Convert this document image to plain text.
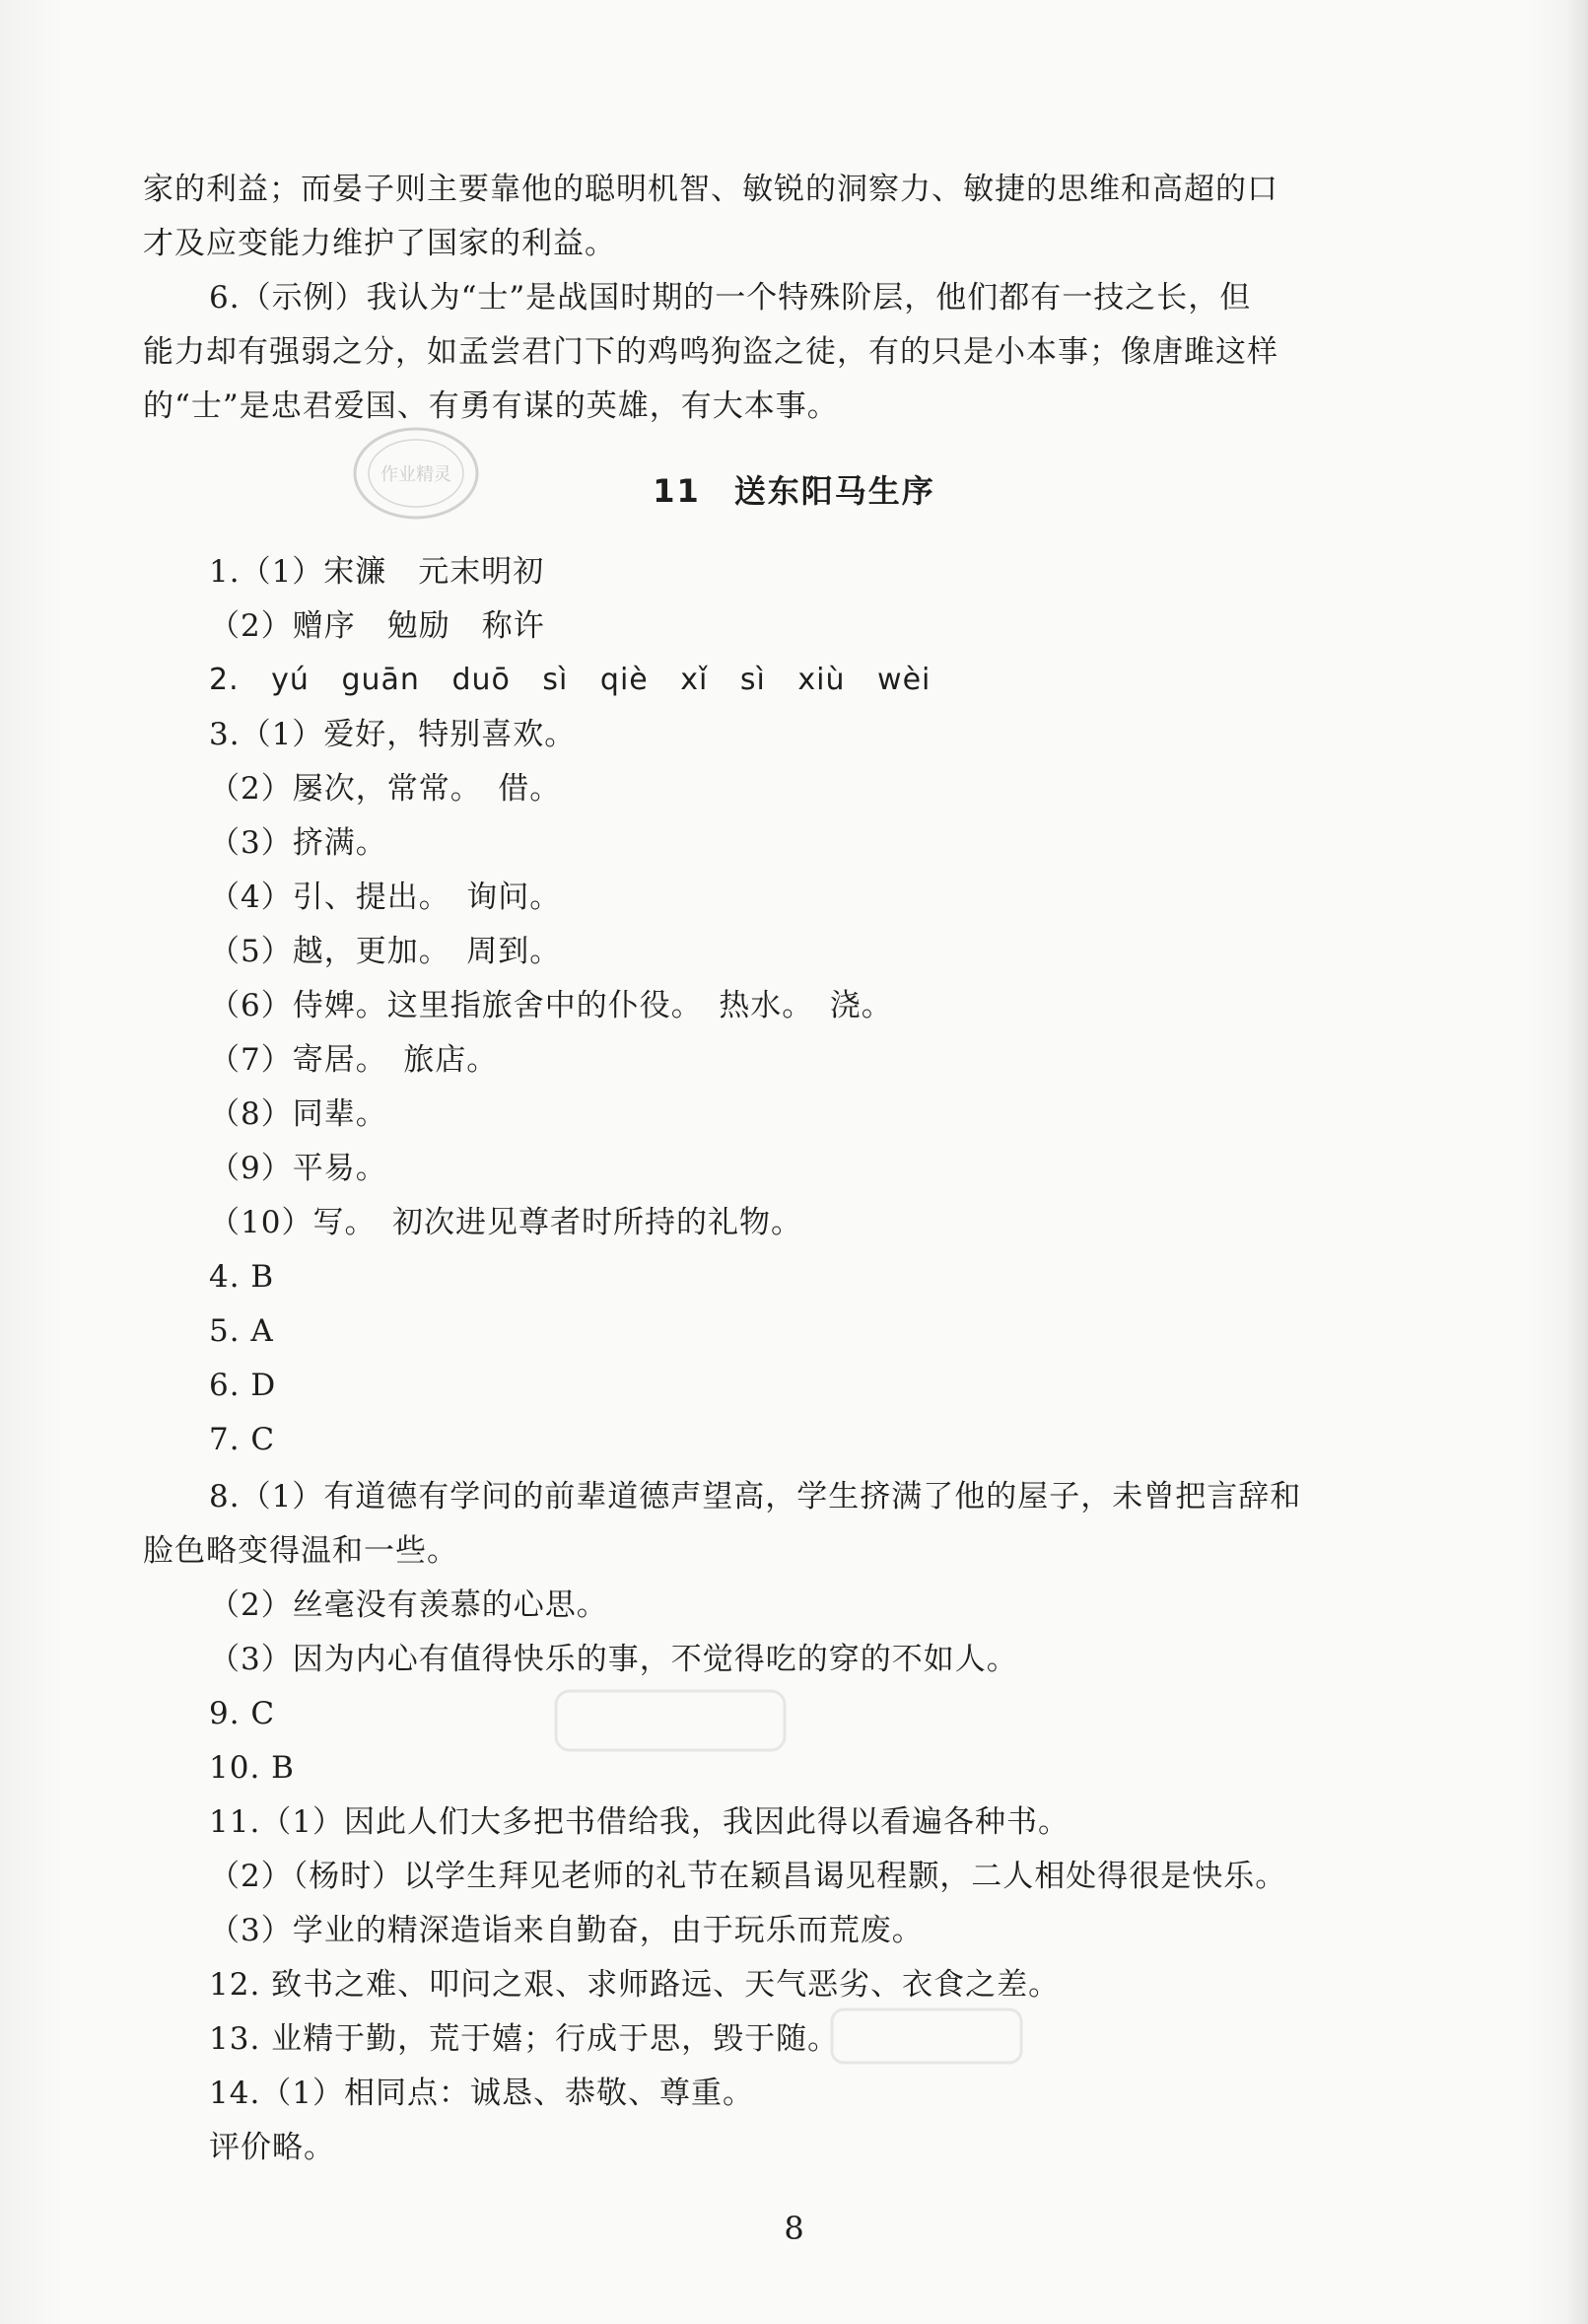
家的利益；而晏子则主要靠他的聪明机智、敏锐的洞察力、敏捷的思维和高超的口
才及应变能力维护了国家的利益。
6.（示例）我认为“士”是战国时期的一个特殊阶层，他们都有一技之长，但
能力却有强弱之分，如孟尝君门下的鸡鸣狗盗之徒，有的只是小本事；像唐雎这样
的“士”是忠君爱国、有勇有谋的英雄，有大本事。
作业精灵	11 送东阳马生序
1.（1）宋濂　元末明初
（2）赠序　勉励　称许
2. yú guān duō sì qiè xǐ sì xiù wèi
3.（1）爱好，特别喜欢。
（2）屡次，常常。　借。
（3）挤满。
（4）引、提出。　询问。
（5）越，更加。　周到。
（6）侍婢。这里指旅舍中的仆役。　热水。　浇。
（7）寄居。　旅店。
（8）同辈。
（9）平易。
（10）写。　初次进见尊者时所持的礼物。
4. B
5. A
6. D
7. C
8.（1）有道德有学问的前辈道德声望高，学生挤满了他的屋子，未曾把言辞和
脸色略变得温和一些。
（2）丝毫没有羡慕的心思。
（3）因为内心有值得快乐的事，不觉得吃的穿的不如人。
9. C
10. B
11.（1）因此人们大多把书借给我，我因此得以看遍各种书。
（2）（杨时）以学生拜见老师的礼节在颖昌谒见程颢，二人相处得很是快乐。
（3）学业的精深造诣来自勤奋，由于玩乐而荒废。
12. 致书之难、叩问之艰、求师路远、天气恶劣、衣食之差。
13. 业精于勤，荒于嬉；行成于思，毁于随。
14.（1）相同点：诚恳、恭敬、尊重。
评价略。
8
